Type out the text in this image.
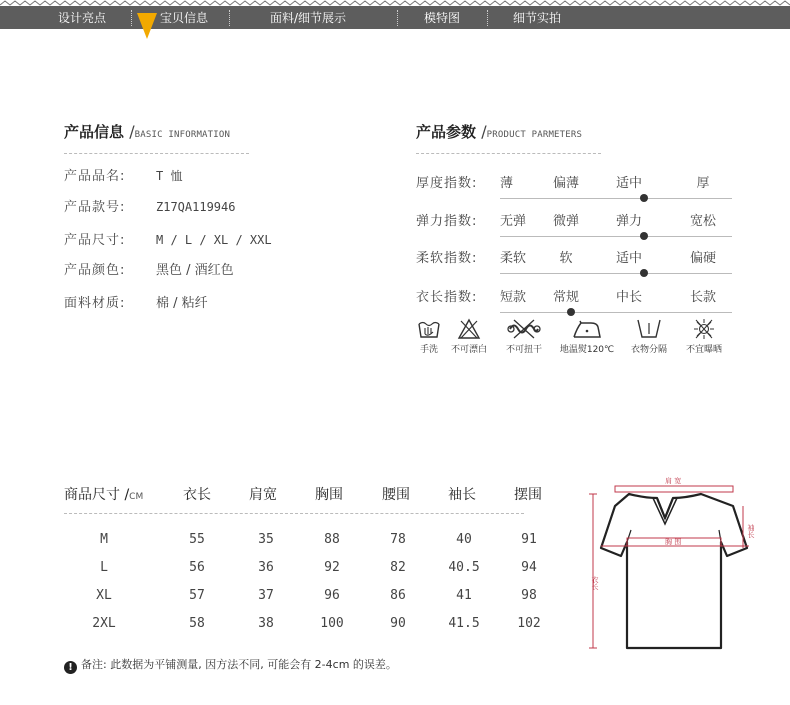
设计亮点	宝贝信息	面料/细节展示	模特图	细节实拍
产品信息 /BASIC INFORMATION
产品品名:	T 恤
产品款号:	Z17QA119946
产品尺寸:	M / L / XL / XXL
产品颜色: 黑色 / 酒红色
面料材质: 棉 / 粘纤
产品参数 /PRODUCT PARMETERS
厚度指数: 薄	偏薄	适中	厚
弹力指数: 无弹	微弹	弹力	宽松
柔软指数: 柔软	软	适中	偏硬
衣长指数: 短款	常规	中长	长款
手洗	不可漂白	不可扭干	地温熨120℃	衣物分隔	不宜曝晒
商品尺寸 /CM	衣长	肩宽	胸围	腰围	袖长	摆围
M	55	35	88	78	40	91
L	56	36	92	82	40.5	94
XL	57	37	96	86	41	98
2XL	58	38	100	90	41.5	102
肩 宽
胸 围
袖长
衣长
! 备注: 此数据为平铺测量, 因方法不同, 可能会有 2-4cm 的误差。
